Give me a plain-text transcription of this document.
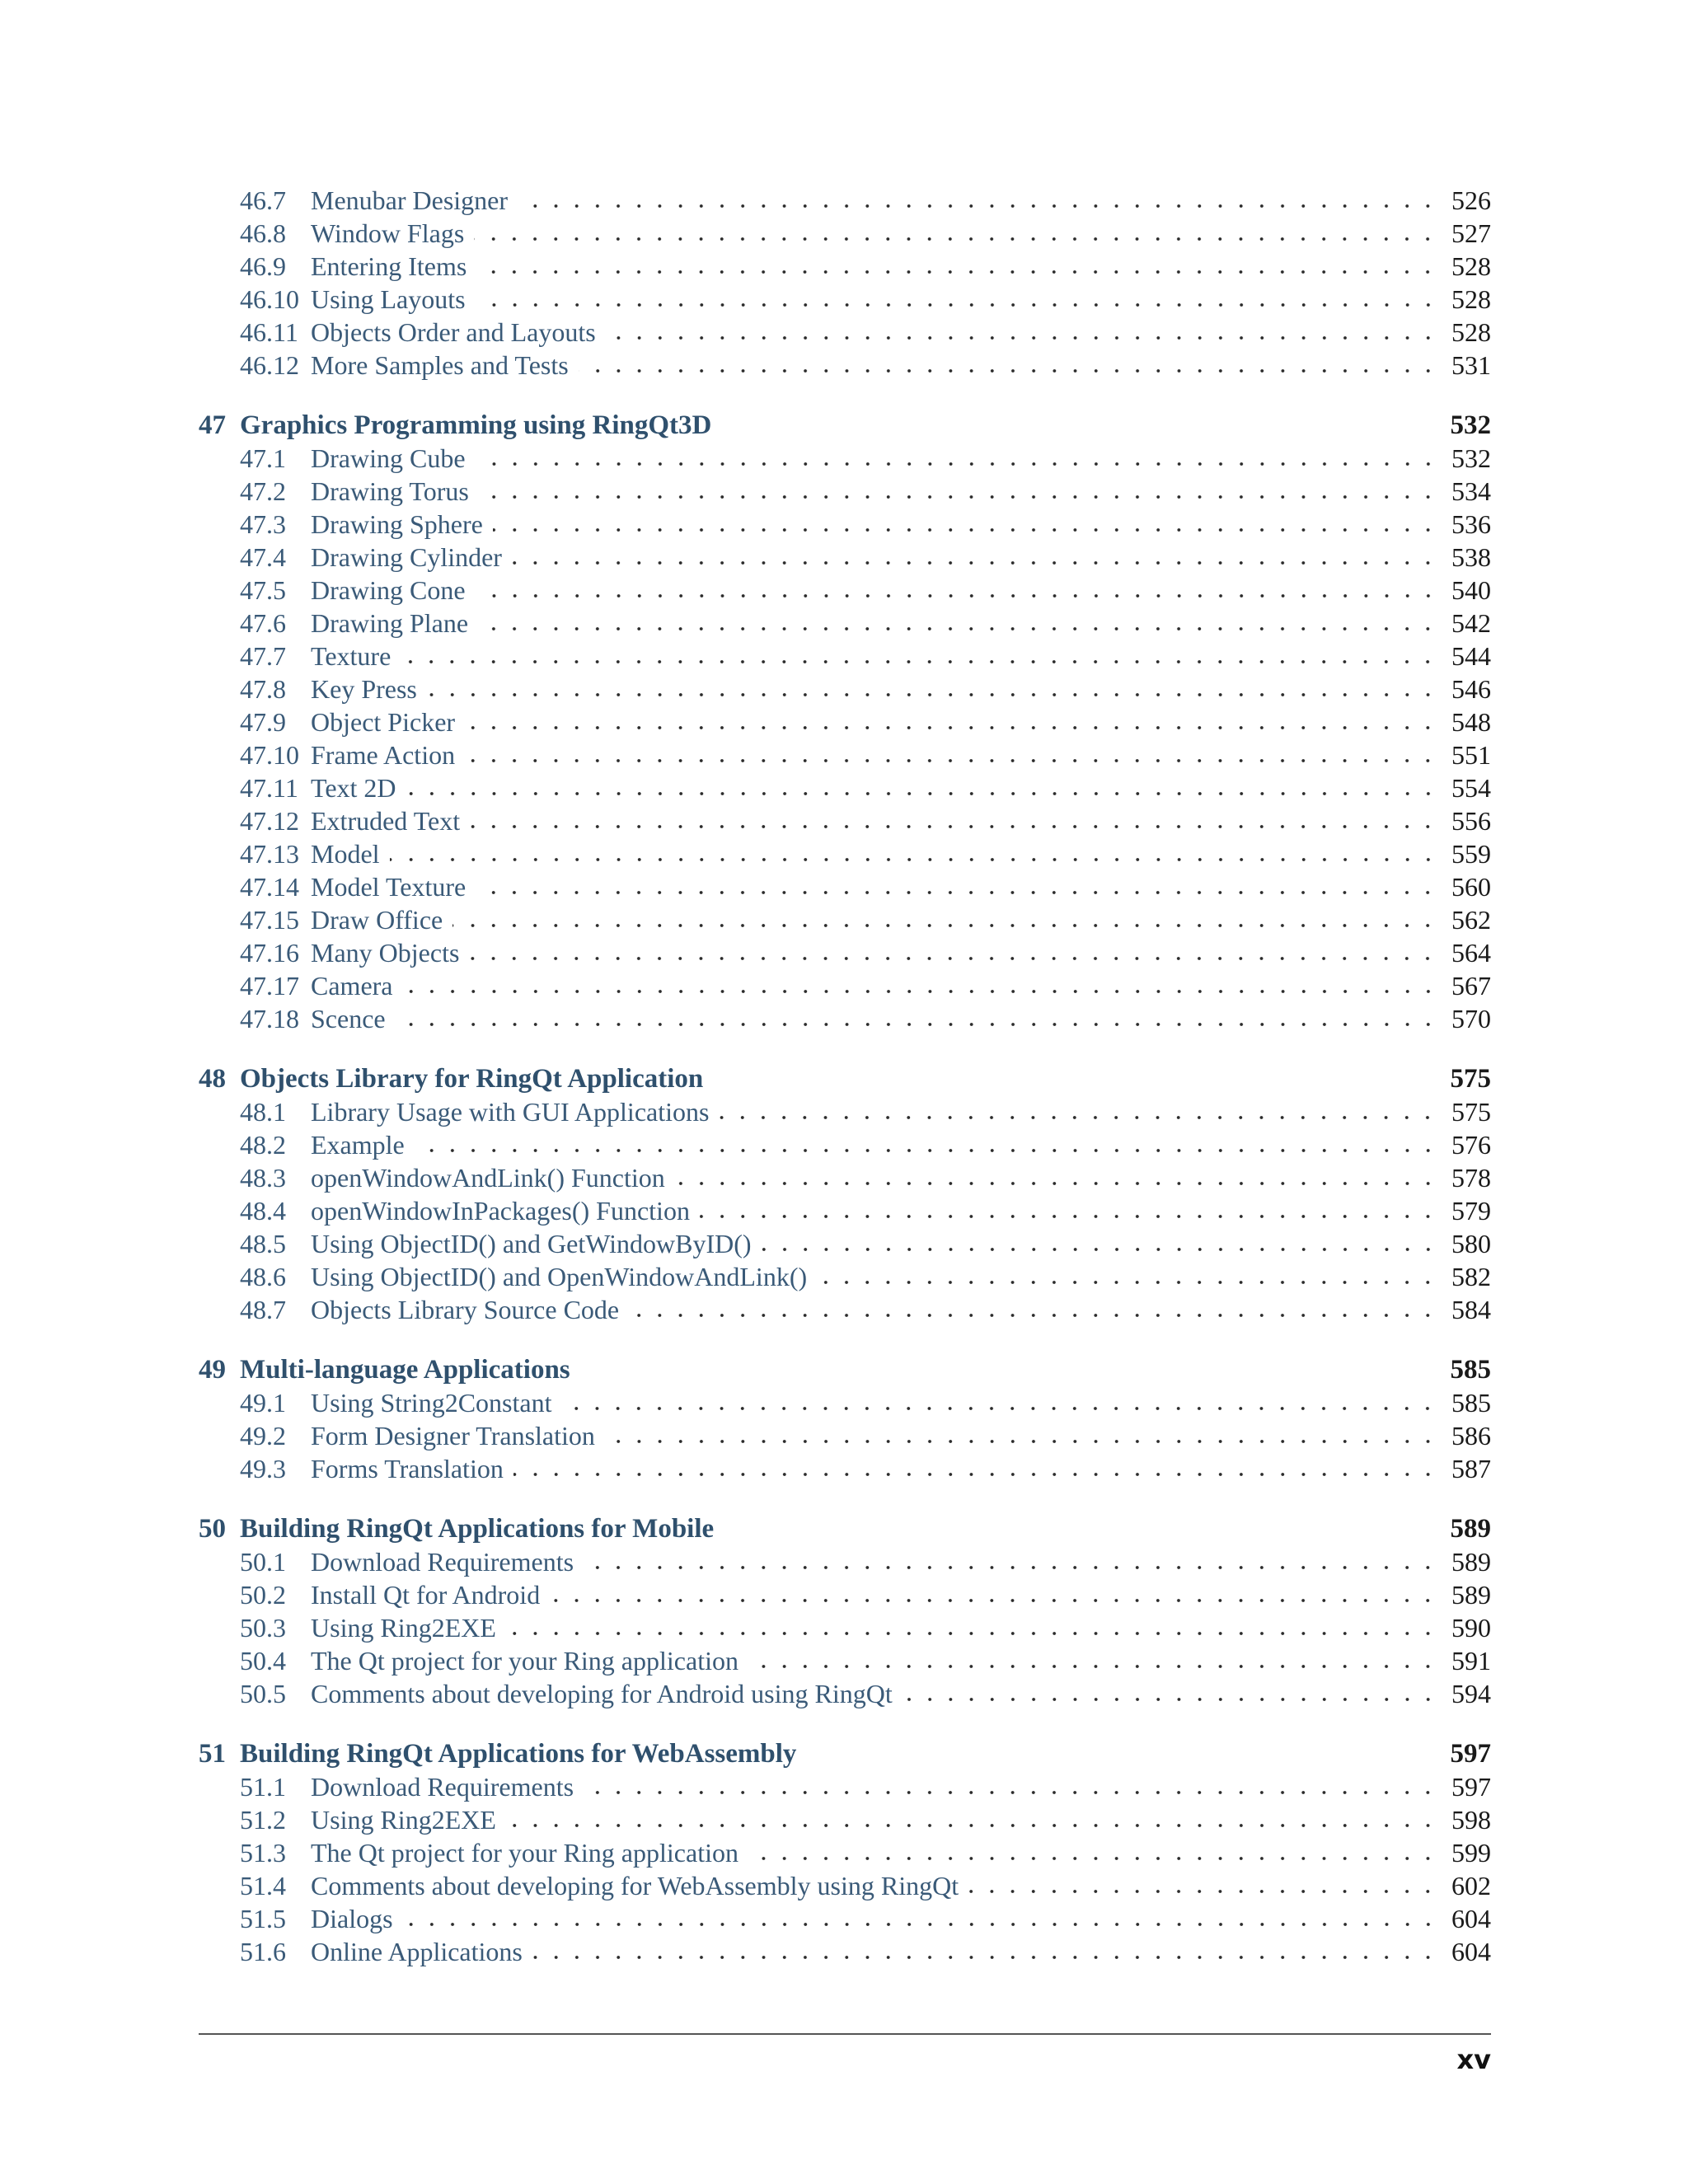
46.7 Menubar Designer	526
46.8 Window Flags	527
46.9 Entering Items	528
46.10 Using Layouts	528
46.11 Objects Order and Layouts	528
46.12 More Samples and Tests	531
47 Graphics Programming using RingQt3D	532
47.1 Drawing Cube	532
47.2 Drawing Torus	534
47.3 Drawing Sphere	536
47.4 Drawing Cylinder	538
47.5 Drawing Cone	540
47.6 Drawing Plane	542
47.7 Texture	544
47.8 Key Press	546
47.9 Object Picker	548
47.10 Frame Action	551
47.11 Text 2D	554
47.12 Extruded Text	556
47.13 Model	559
47.14 Model Texture	560
47.15 Draw Office	562
47.16 Many Objects	564
47.17 Camera	567
47.18 Scence	570
48 Objects Library for RingQt Application	575
48.1 Library Usage with GUI Applications	575
48.2 Example	576
48.3 openWindowAndLink() Function	578
48.4 openWindowInPackages() Function	579
48.5 Using ObjectID() and GetWindowByID()	580
48.6 Using ObjectID() and OpenWindowAndLink()	582
48.7 Objects Library Source Code	584
49 Multi-language Applications	585
49.1 Using String2Constant	585
49.2 Form Designer Translation	586
49.3 Forms Translation	587
50 Building RingQt Applications for Mobile	589
50.1 Download Requirements	589
50.2 Install Qt for Android	589
50.3 Using Ring2EXE	590
50.4 The Qt project for your Ring application	591
50.5 Comments about developing for Android using RingQt	594
51 Building RingQt Applications for WebAssembly	597
51.1 Download Requirements	597
51.2 Using Ring2EXE	598
51.3 The Qt project for your Ring application	599
51.4 Comments about developing for WebAssembly using RingQt	602
51.5 Dialogs	604
51.6 Online Applications	604
xv
